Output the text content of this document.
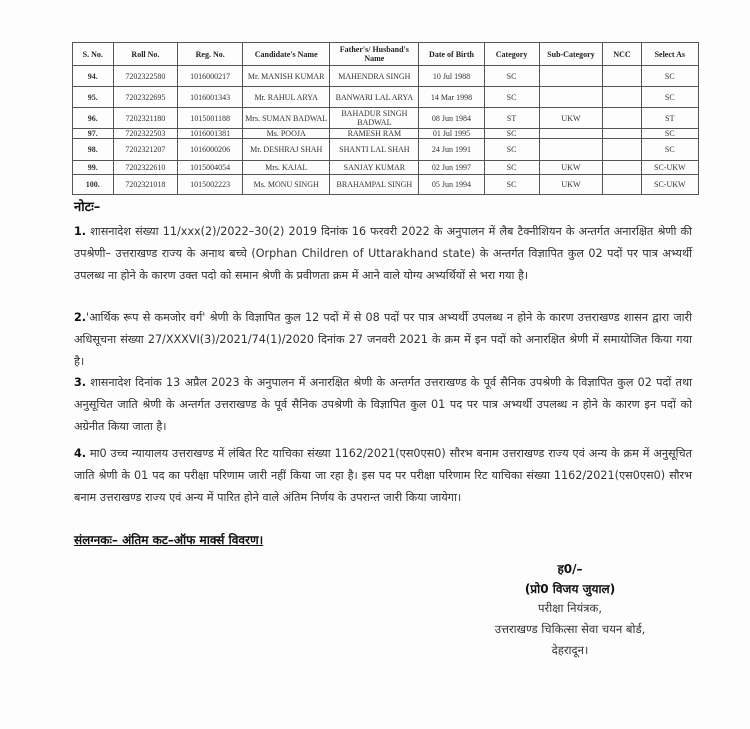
S. No.	Roll No.	Reg. No.	Candidate's Name	Father's/ Husband's Name	Date of Birth	Category	Sub-Category	NCC	Select As
94.	7202322580	1016000217	Mr. MANISH KUMAR	MAHENDRA SINGH	10 Jul 1988	SC			SC
95.	7202322695	1016001343	Mr. RAHUL ARYA	BANWARI LAL ARYA	14 Mar 1998	SC			SC
96.	7202321180	1015001188	Mrs. SUMAN BADWAL	BAHADUR SINGH BADWAL	08 Jun 1984	ST	UKW		ST
97.	7202322503	1016001381	Ms. POOJA	RAMESH RAM	01 Jul 1995	SC			SC
98.	7202321207	1016000206	Mr. DESHRAJ SHAH	SHANTI LAL SHAH	24 Jun 1991	SC			SC
99.	7202322610	1015004054	Mrs. KAJAL	SANJAY KUMAR	02 Jun 1997	SC	UKW		SC-UKW
100.	7202321018	1015002223	Ms. MONU SINGH	BRAHAMPAL SINGH	05 Jun 1994	SC	UKW		SC-UKW
नोटः–
1. शासनादेश संख्या 11/xxx(2)/2022–30(2) 2019 दिनांक 16 फरवरी 2022 के अनुपालन में लैब टैक्नीशियन के अन्तर्गत अनारक्षित श्रेणी की उपश्रेणी– उत्तराखण्ड राज्य के अनाथ बच्चे (Orphan Children of Uttarakhand state) के अन्तर्गत विज्ञापित कुल 02 पदों पर पात्र अभ्यर्थी उपलब्ध ना होने के कारण उक्त पदो को समान श्रेणी के प्रवीणता क्रम में आने वाले योग्य अभ्यर्थियों से भरा गया है।
2.'आर्थिक रूप से कमजोर वर्ग' श्रेणी के विज्ञापित कुल 12 पदों में से 08 पदों पर पात्र अभ्यर्थी उपलब्ध न होने के कारण उत्तराखण्ड शासन द्वारा जारी अधिसूचना संख्या 27/XXXVI(3)/2021/74(1)/2020 दिनांक 27 जनवरी 2021 के क्रम में इन पदों को अनारक्षित श्रेणी में समायोजित किया गया है।
3. शासनादेश दिनांक 13 अप्रैल 2023 के अनुपालन में अनारक्षित श्रेणी के अन्तर्गत उत्तराखण्ड के पूर्व सैनिक उपश्रेणी के विज्ञापित कुल 02 पदों तथा अनुसूचित जाति श्रेणी के अन्तर्गत उत्तराखण्ड के पूर्व सैनिक उपश्रेणी के विज्ञापित कुल 01 पद पर पात्र अभ्यर्थी उपलब्ध न होने के कारण इन पदों को अग्रेनीत किया जाता है।
4. मा0 उच्च न्यायालय उत्तराखण्ड में लंबित रिट याचिका संख्या 1162/2021(एस0एस0) सौरभ बनाम उत्तराखण्ड राज्य एवं अन्य के क्रम में अनुसूचित जाति श्रेणी के 01 पद का परीक्षा परिणाम जारी नहीं किया जा रहा है। इस पद पर परीक्षा परिणाम रिट याचिका संख्या 1162/2021(एस0एस0) सौरभ बनाम उत्तराखण्ड राज्य एवं अन्य में पारित होने वाले अंतिम निर्णय के उपरान्त जारी किया जायेगा।
संलग्नकः– अंतिम कट–ऑफ मार्क्स विवरण।
ह0/–
(प्रो0 विजय जुयाल)
परीक्षा नियंत्रक,
उत्तराखण्ड चिकित्सा सेवा चयन बोर्ड,
देहरादून।
